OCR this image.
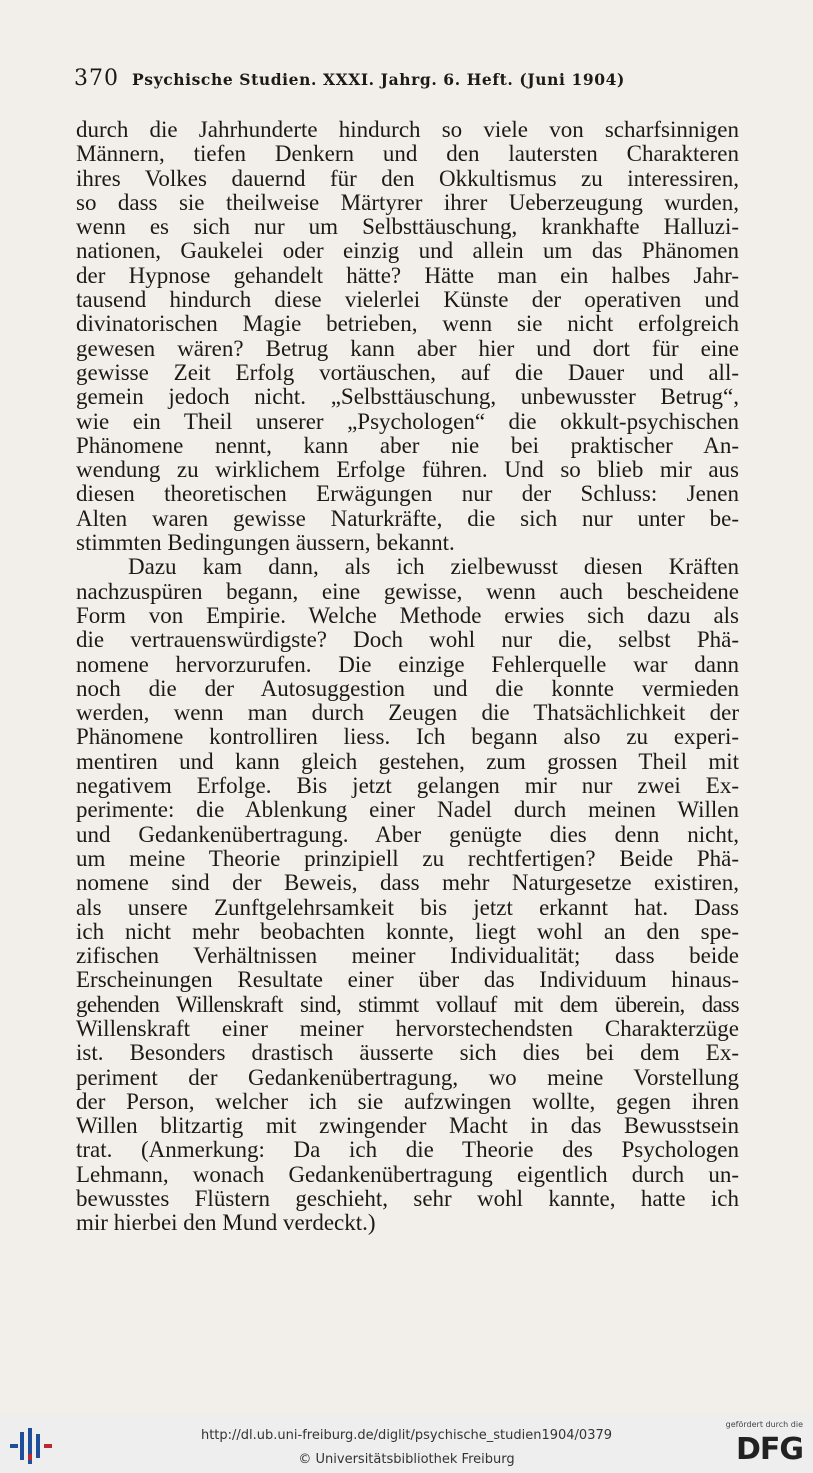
370 Psychische Studien. XXXI. Jahrg. 6. Heft. (Juni 1904)
durch die Jahrhunderte hindurch so viele von scharfsinnigen
Männern, tiefen Denkern und den lautersten Charakteren
ihres Volkes dauernd für den Okkultismus zu interessiren,
so dass sie theilweise Märtyrer ihrer Ueberzeugung wurden,
wenn es sich nur um Selbsttäuschung, krankhafte Halluzi-
nationen, Gaukelei oder einzig und allein um das Phänomen
der Hypnose gehandelt hätte? Hätte man ein halbes Jahr-
tausend hindurch diese vielerlei Künste der operativen und
divinatorischen Magie betrieben, wenn sie nicht erfolgreich
gewesen wären? Betrug kann aber hier und dort für eine
gewisse Zeit Erfolg vortäuschen, auf die Dauer und all-
gemein jedoch nicht. „Selbsttäuschung, unbewusster Betrug“,
wie ein Theil unserer „Psychologen“ die okkult-psychischen
Phänomene nennt, kann aber nie bei praktischer An-
wendung zu wirklichem Erfolge führen. Und so blieb mir aus
diesen theoretischen Erwägungen nur der Schluss: Jenen
Alten waren gewisse Naturkräfte, die sich nur unter be-
stimmten Bedingungen äussern, bekannt.
Dazu kam dann, als ich zielbewusst diesen Kräften
nachzuspüren begann, eine gewisse, wenn auch bescheidene
Form von Empirie. Welche Methode erwies sich dazu als
die vertrauenswürdigste? Doch wohl nur die, selbst Phä-
nomene hervorzurufen. Die einzige Fehlerquelle war dann
noch die der Autosuggestion und die konnte vermieden
werden, wenn man durch Zeugen die Thatsächlichkeit der
Phänomene kontrolliren liess. Ich begann also zu experi-
mentiren und kann gleich gestehen, zum grossen Theil mit
negativem Erfolge. Bis jetzt gelangen mir nur zwei Ex-
perimente: die Ablenkung einer Nadel durch meinen Willen
und Gedankenübertragung. Aber genügte dies denn nicht,
um meine Theorie prinzipiell zu rechtfertigen? Beide Phä-
nomene sind der Beweis, dass mehr Naturgesetze existiren,
als unsere Zunftgelehrsamkeit bis jetzt erkannt hat. Dass
ich nicht mehr beobachten konnte, liegt wohl an den spe-
zifischen Verhältnissen meiner Individualität; dass beide
Erscheinungen Resultate einer über das Individuum hinaus-
gehenden Willenskraft sind, stimmt vollauf mit dem überein, dass
Willenskraft einer meiner hervorstechendsten Charakterzüge
ist. Besonders drastisch äusserte sich dies bei dem Ex-
periment der Gedankenübertragung, wo meine Vorstellung
der Person, welcher ich sie aufzwingen wollte, gegen ihren
Willen blitzartig mit zwingender Macht in das Bewusstsein
trat. (Anmerkung: Da ich die Theorie des Psychologen
Lehmann, wonach Gedankenübertragung eigentlich durch un-
bewusstes Flüstern geschieht, sehr wohl kannte, hatte ich
mir hierbei den Mund verdeckt.)
http://dl.ub.uni-freiburg.de/diglit/psychische_studien1904/0379
© Universitätsbibliothek Freiburg
gefördert durch die
DFG
